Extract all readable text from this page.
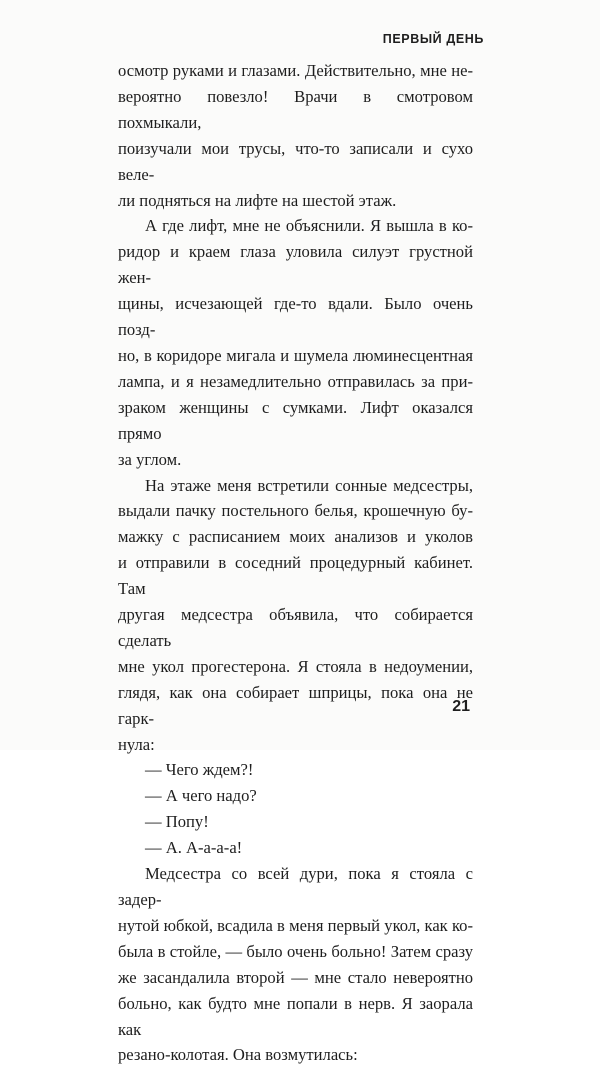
ПЕРВЫЙ ДЕНЬ

осмотр руками и глазами. Действительно, мне не-

вероятно повезло! Врачи в смотровом похмыкали,

поизучали мои трусы, что-то записали и сухо веле-

ли подняться на лифте на шестой этаж.

А где лифт, мне не объяснили. Я вышла в ко-

ридор и краем глаза уловила силуэт грустной жен-

щины, исчезающей где-то вдали. Было очень позд-

но, в коридоре мигала и шумела люминесцентная

лампа, и я незамедлительно отправилась за при-

зраком женщины с сумками. Лифт оказался прямо

за углом.

На этаже меня встретили сонные медсестры,

выдали пачку постельного белья, крошечную бу-

мажку с расписанием моих анализов и уколов

и отправили в соседний процедурный кабинет. Там

другая медсестра объявила, что собирается сделать

мне укол прогестерона. Я стояла в недоумении,

глядя, как она собирает шприцы, пока она не гарк-

нула:

— Чего ждем?!

— А чего надо?

— Попу!

— А. А-а-а-а!

Медсестра со всей дури, пока я стояла с задер-

нутой юбкой, всадила в меня первый укол, как ко-

была в стойле, — было очень больно! Затем сразу

же засандалила второй — мне стало невероятно

больно, как будто мне попали в нерв. Я заорала как

резано-колотая. Она возмутилась:

21
